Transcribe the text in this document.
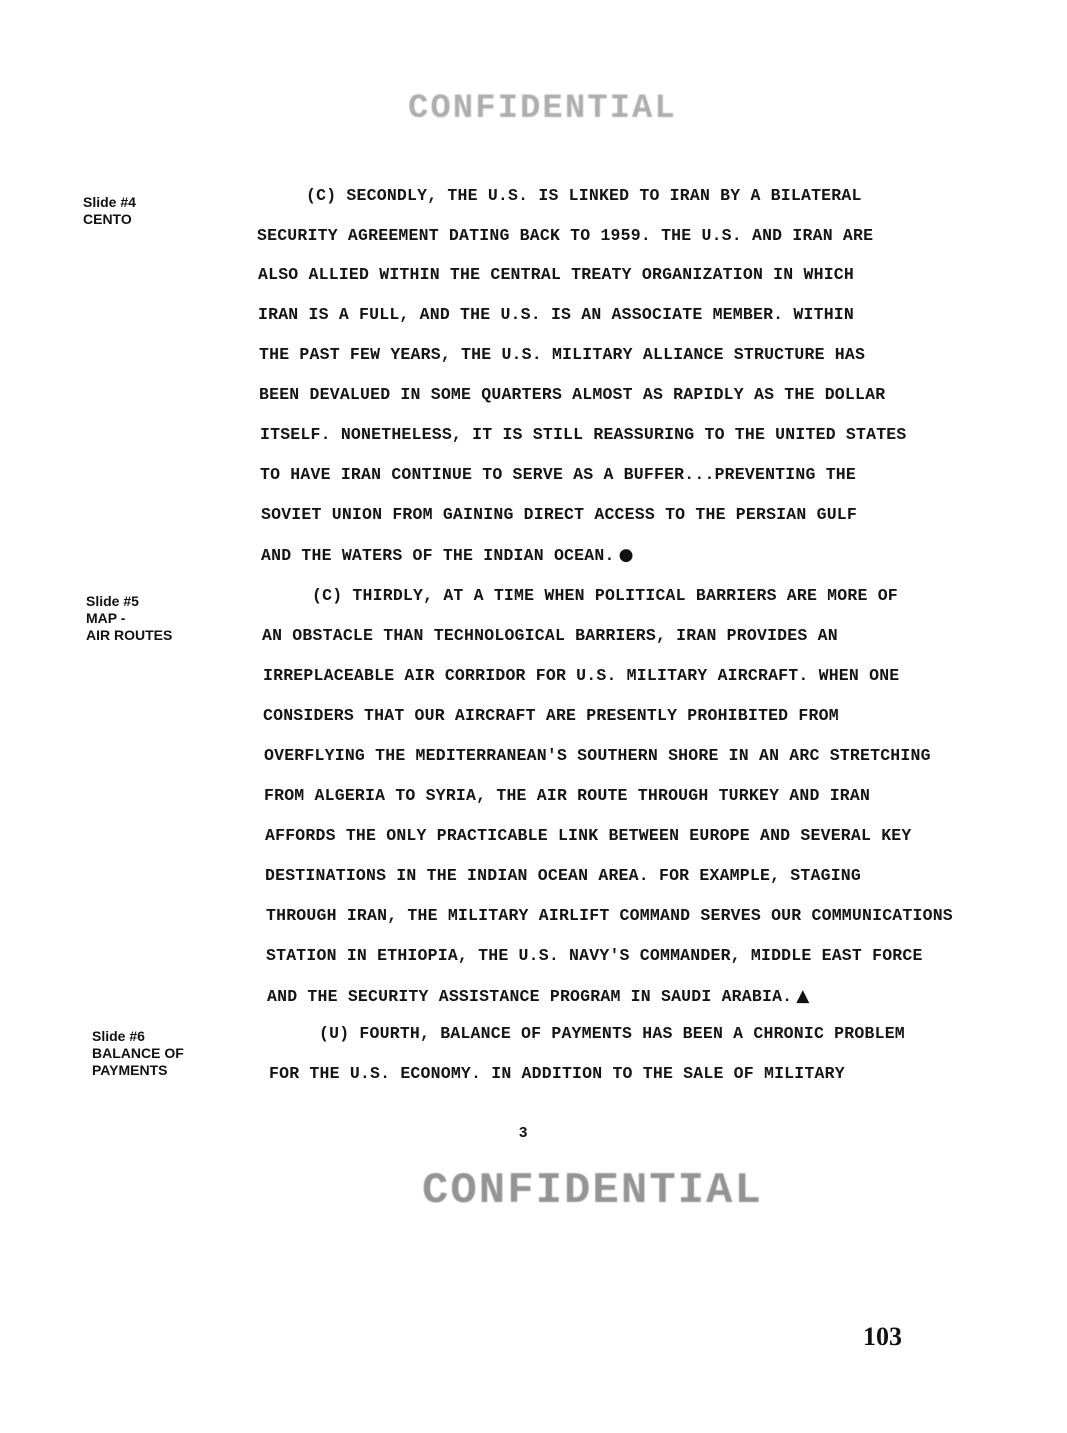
CONFIDENTIAL
Slide #4
CENTO
Slide #5
MAP -
AIR ROUTES
Slide #6
BALANCE OF
PAYMENTS
(C) SECONDLY, THE U.S. IS LINKED TO IRAN BY A BILATERAL
SECURITY AGREEMENT DATING BACK TO 1959. THE U.S. AND IRAN ARE
ALSO ALLIED WITHIN THE CENTRAL TREATY ORGANIZATION IN WHICH
IRAN IS A FULL, AND THE U.S. IS AN ASSOCIATE MEMBER. WITHIN
THE PAST FEW YEARS, THE U.S. MILITARY ALLIANCE STRUCTURE HAS
BEEN DEVALUED IN SOME QUARTERS ALMOST AS RAPIDLY AS THE DOLLAR
ITSELF. NONETHELESS, IT IS STILL REASSURING TO THE UNITED STATES
TO HAVE IRAN CONTINUE TO SERVE AS A BUFFER...PREVENTING THE
SOVIET UNION FROM GAINING DIRECT ACCESS TO THE PERSIAN GULF
AND THE WATERS OF THE INDIAN OCEAN. ●
(C) THIRDLY, AT A TIME WHEN POLITICAL BARRIERS ARE MORE OF
AN OBSTACLE THAN TECHNOLOGICAL BARRIERS, IRAN PROVIDES AN
IRREPLACEABLE AIR CORRIDOR FOR U.S. MILITARY AIRCRAFT. WHEN ONE
CONSIDERS THAT OUR AIRCRAFT ARE PRESENTLY PROHIBITED FROM
OVERFLYING THE MEDITERRANEAN'S SOUTHERN SHORE IN AN ARC STRETCHING
FROM ALGERIA TO SYRIA, THE AIR ROUTE THROUGH TURKEY AND IRAN
AFFORDS THE ONLY PRACTICABLE LINK BETWEEN EUROPE AND SEVERAL KEY
DESTINATIONS IN THE INDIAN OCEAN AREA. FOR EXAMPLE, STAGING
THROUGH IRAN, THE MILITARY AIRLIFT COMMAND SERVES OUR COMMUNICATIONS
STATION IN ETHIOPIA, THE U.S. NAVY'S COMMANDER, MIDDLE EAST FORCE
AND THE SECURITY ASSISTANCE PROGRAM IN SAUDI ARABIA. ▲
(U) FOURTH, BALANCE OF PAYMENTS HAS BEEN A CHRONIC PROBLEM
FOR THE U.S. ECONOMY. IN ADDITION TO THE SALE OF MILITARY
3
CONFIDENTIAL
103
